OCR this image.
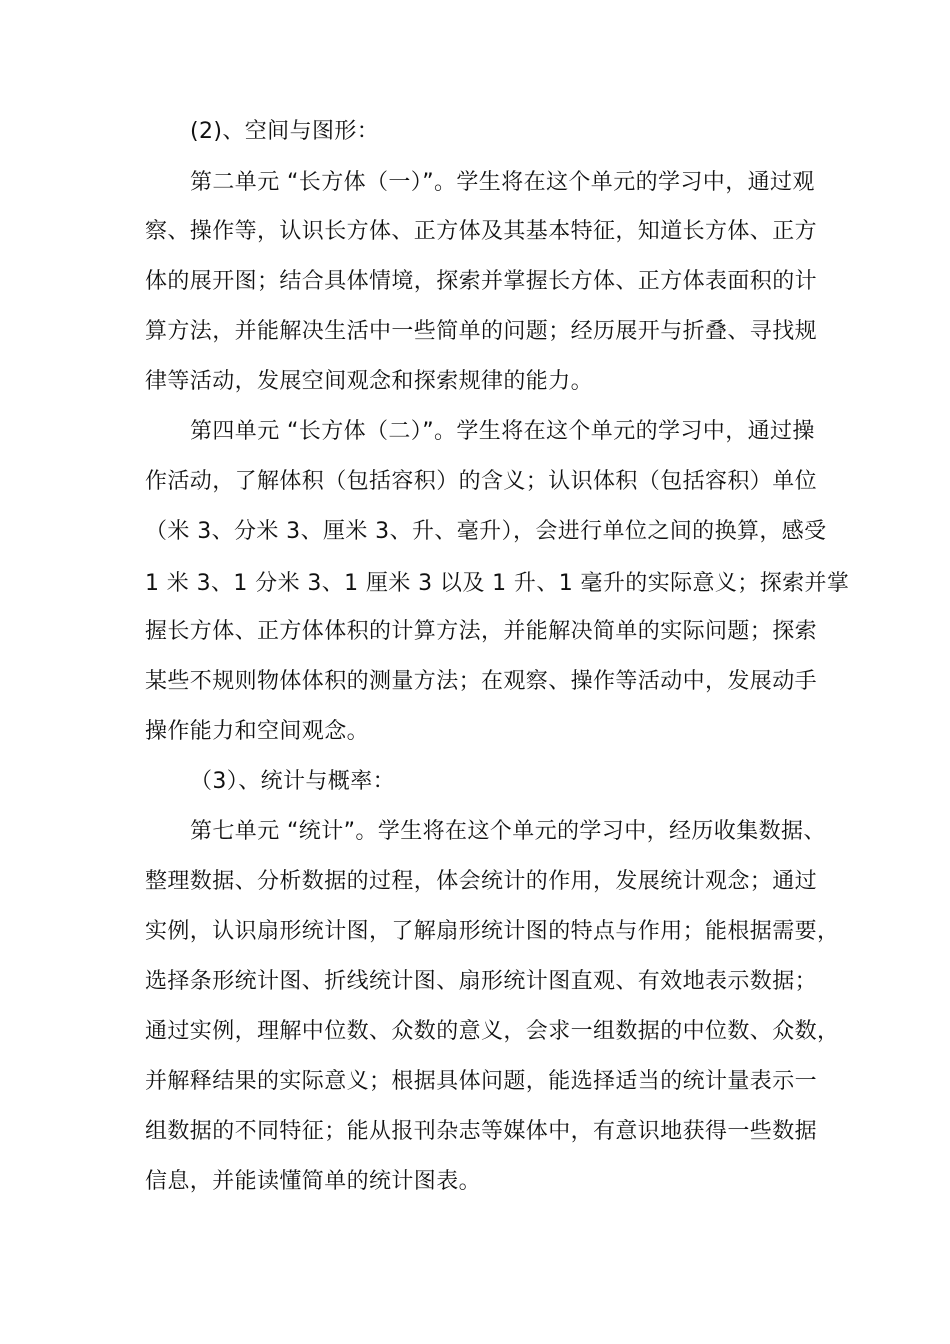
(2)、空间与图形：
第二单元 “长方体（一）”。学生将在这个单元的学习中，通过观
察、操作等，认识长方体、正方体及其基本特征，知道长方体、正方
体的展开图；结合具体情境，探索并掌握长方体、正方体表面积的计
算方法，并能解决生活中一些简单的问题；经历展开与折叠、寻找规
律等活动，发展空间观念和探索规律的能力。
第四单元 “长方体（二）”。学生将在这个单元的学习中，通过操
作活动，了解体积（包括容积）的含义；认识体积（包括容积）单位
（米 3、分米 3、厘米 3、升、毫升），会进行单位之间的换算，感受
1 米 3、1 分米 3、1 厘米 3 以及 1 升、1 毫升的实际意义；探索并掌
握长方体、正方体体积的计算方法，并能解决简单的实际问题；探索
某些不规则物体体积的测量方法；在观察、操作等活动中，发展动手
操作能力和空间观念。
（3）、统计与概率：
第七单元 “统计”。学生将在这个单元的学习中，经历收集数据、
整理数据、分析数据的过程，体会统计的作用，发展统计观念；通过
实例，认识扇形统计图，了解扇形统计图的特点与作用；能根据需要，
选择条形统计图、折线统计图、扇形统计图直观、有效地表示数据；
通过实例，理解中位数、众数的意义，会求一组数据的中位数、众数，
并解释结果的实际意义；根据具体问题，能选择适当的统计量表示一
组数据的不同特征；能从报刊杂志等媒体中，有意识地获得一些数据
信息，并能读懂简单的统计图表。
